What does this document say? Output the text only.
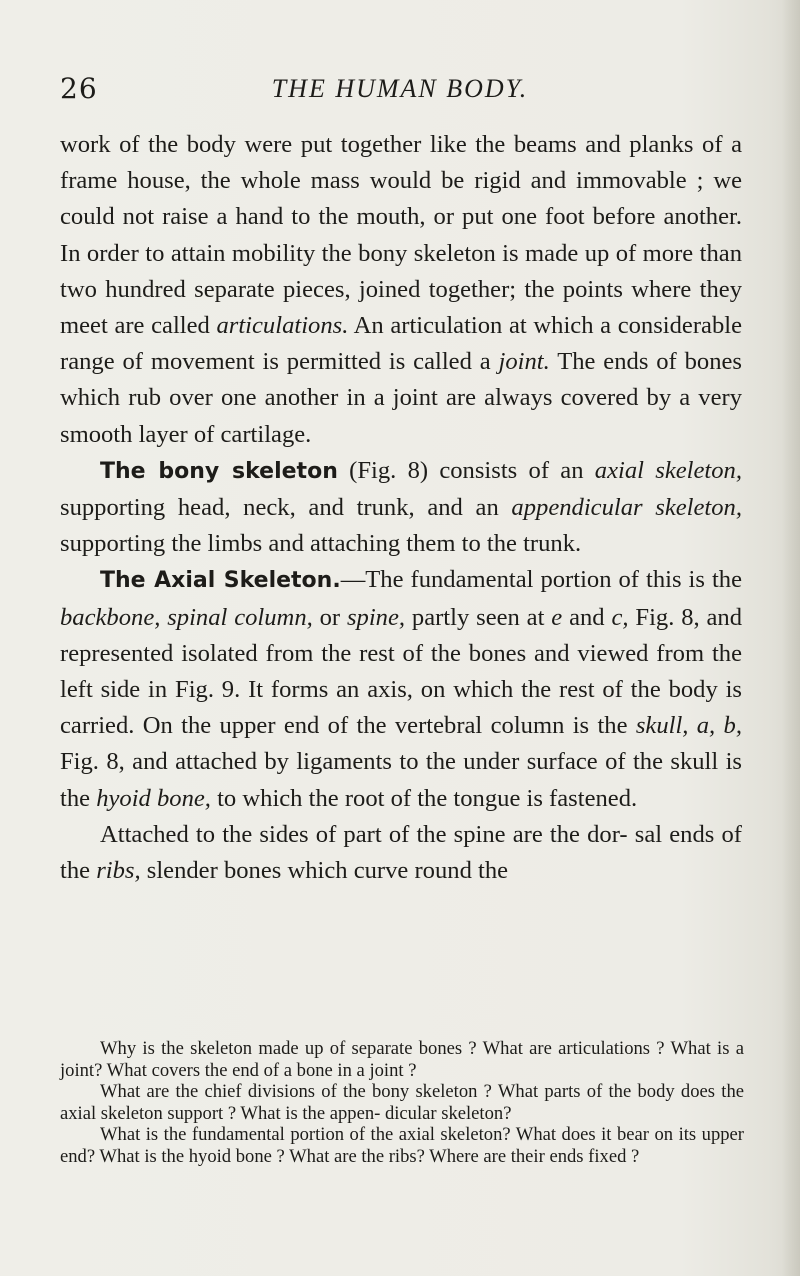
26	THE HUMAN BODY.

work of the body were put together like the beams and planks of a frame house, the whole mass would be rigid and immovable ; we could not raise a hand to the mouth, or put one foot before another. In order to attain mobility the bony skeleton is made up of more than two hundred separate pieces, joined together; the points where they meet are called articulations. An articulation at which a considerable range of movement is permitted is called a joint. The ends of bones which rub over one another in a joint are always covered by a very smooth layer of cartilage.

The bony skeleton (Fig. 8) consists of an axial skeleton, supporting head, neck, and trunk, and an appendicular skeleton, supporting the limbs and attaching them to the trunk.

The Axial Skeleton.—The fundamental portion of this is the backbone, spinal column, or spine, partly seen at e and c, Fig. 8, and represented isolated from the rest of the bones and viewed from the left side in Fig. 9. It forms an axis, on which the rest of the body is carried. On the upper end of the vertebral column is the skull, a, b, Fig. 8, and attached by ligaments to the under surface of the skull is the hyoid bone, to which the root of the tongue is fastened.

Attached to the sides of part of the spine are the dor- sal ends of the ribs, slender bones which curve round the

Why is the skeleton made up of separate bones ? What are articulations ? What is a joint? What covers the end of a bone in a joint ?

What are the chief divisions of the bony skeleton ? What parts of the body does the axial skeleton support ? What is the appen- dicular skeleton?

What is the fundamental portion of the axial skeleton? What does it bear on its upper end? What is the hyoid bone ? What are the ribs? Where are their ends fixed ?
